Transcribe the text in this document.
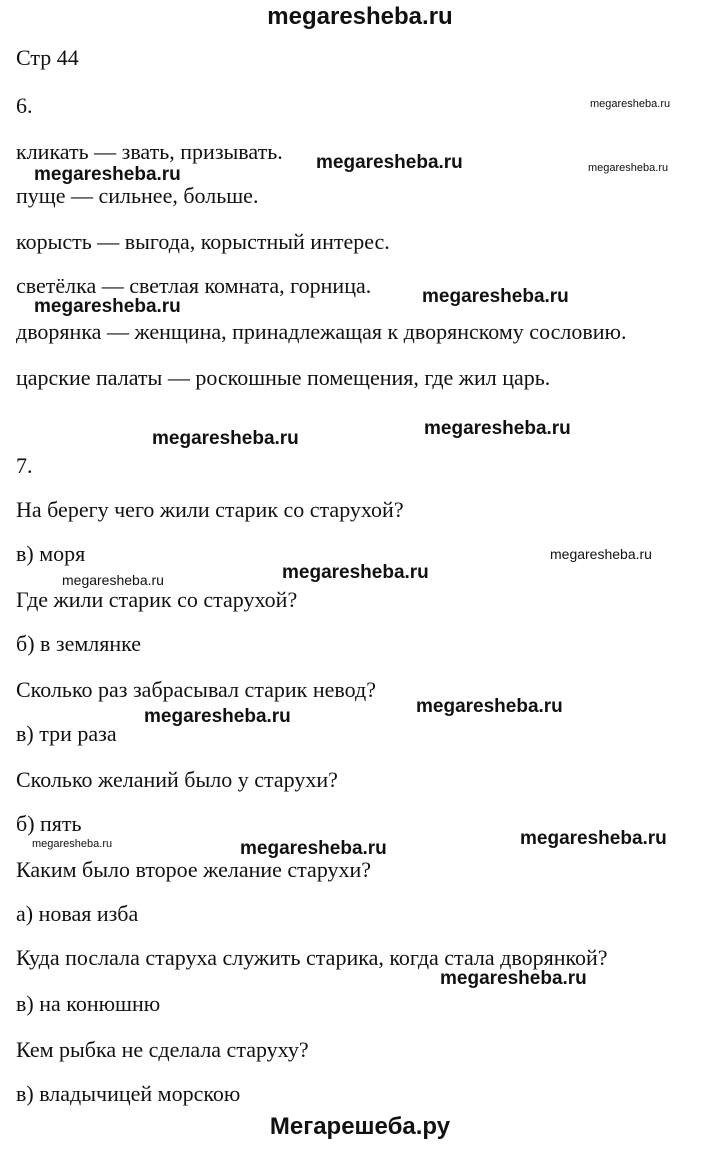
megaresheba.ru
Стр 44
6.
кликать — звать, призывать.
пуще — сильнее, больше.
корысть — выгода, корыстный интерес.
светёлка — светлая комната, горница.
дворянка — женщина, принадлежащая к дворянскому сословию.
царские палаты — роскошные помещения, где жил царь.
7.
На берегу чего жили старик со старухой?
в) моря
Где жили старик со старухой?
б) в землянке
Сколько раз забрасывал старик невод?
в) три раза
Сколько желаний было у старухи?
б) пять
Каким было второе желание старухи?
а) новая изба
Куда послала старуха служить старика, когда стала дворянкой?
в) на конюшню
Кем рыбка не сделала старуху?
в) владычицей морскою
megaresheba.ru
megaresheba.ru	megaresheba.ru
megaresheba.ru
megaresheba.ru
megaresheba.ru
megaresheba.ru
megaresheba.ru
megaresheba.ru
megaresheba.ru
megaresheba.ru
megaresheba.ru
megaresheba.ru
megaresheba.ru
megaresheba.ru
megaresheba.ru
megaresheba.ru
Мегарешеба.ру
